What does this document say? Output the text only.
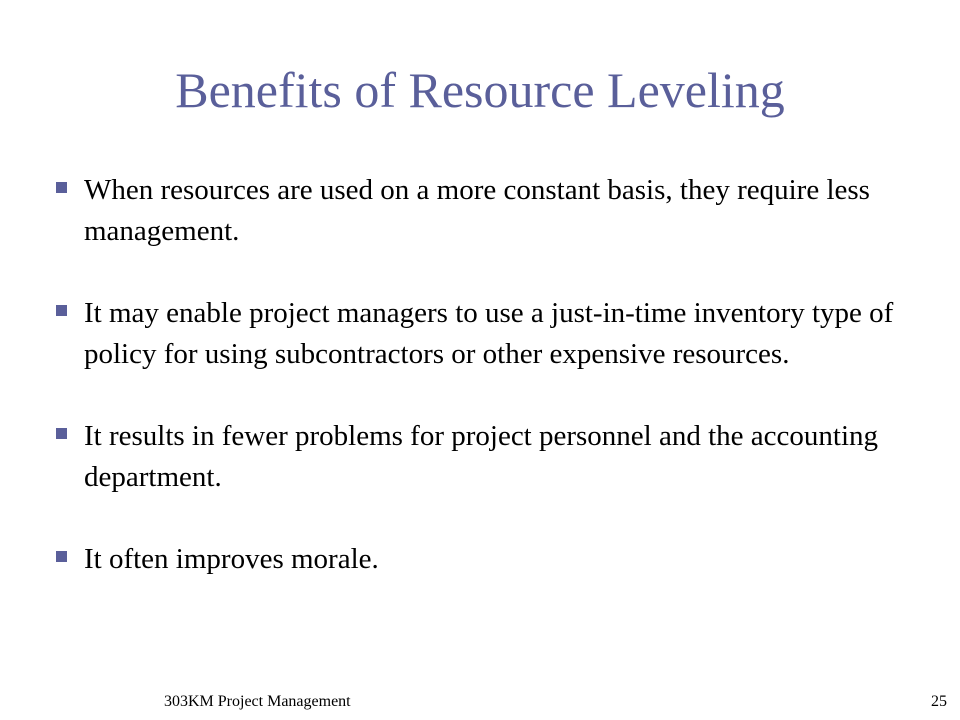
Benefits of Resource Leveling
When resources are used on a more constant basis, they require less management.
It may enable project managers to use a just-in-time inventory type of policy for using subcontractors or other expensive resources.
It results in fewer problems for project personnel and the accounting department.
It often improves morale.
303KM Project Management	25
